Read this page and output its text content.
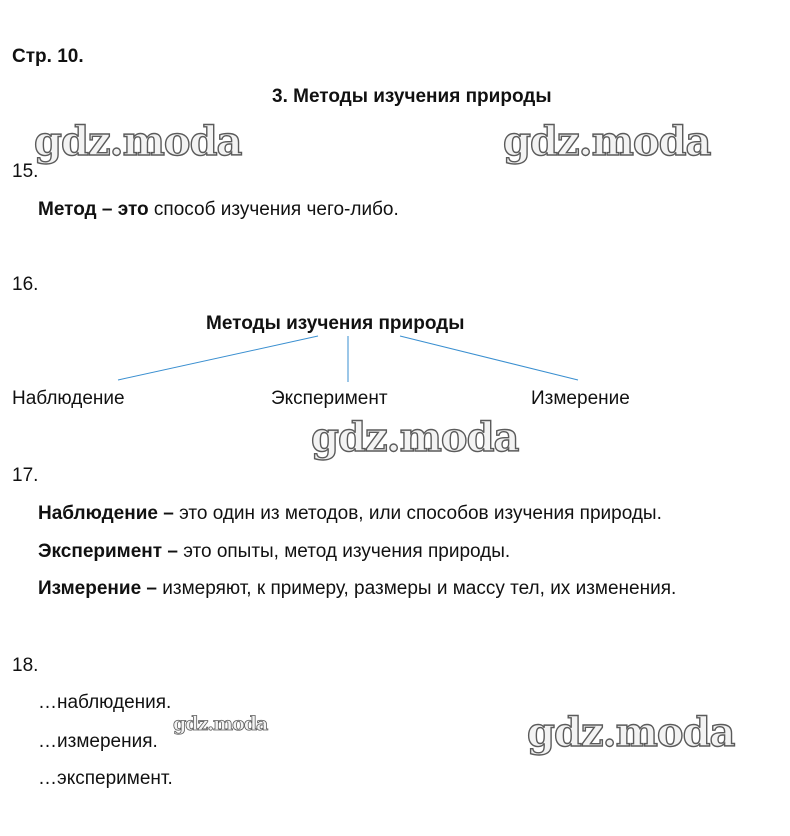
Стр. 10.
3. Методы изучения природы
gdz.moda	gdz.moda
15.
Метод – это способ изучения чего-либо.
16.
Методы изучения природы
Наблюдение	Эксперимент	Измерение
gdz.moda
17.
Наблюдение – это один из методов, или способов изучения природы.
Эксперимент – это опыты, метод изучения природы.
Измерение – измеряют, к примеру, размеры и массу тел, их изменения.
18.
…наблюдения.
…измерения.
…эксперимент.
gdz.moda	gdz.moda
